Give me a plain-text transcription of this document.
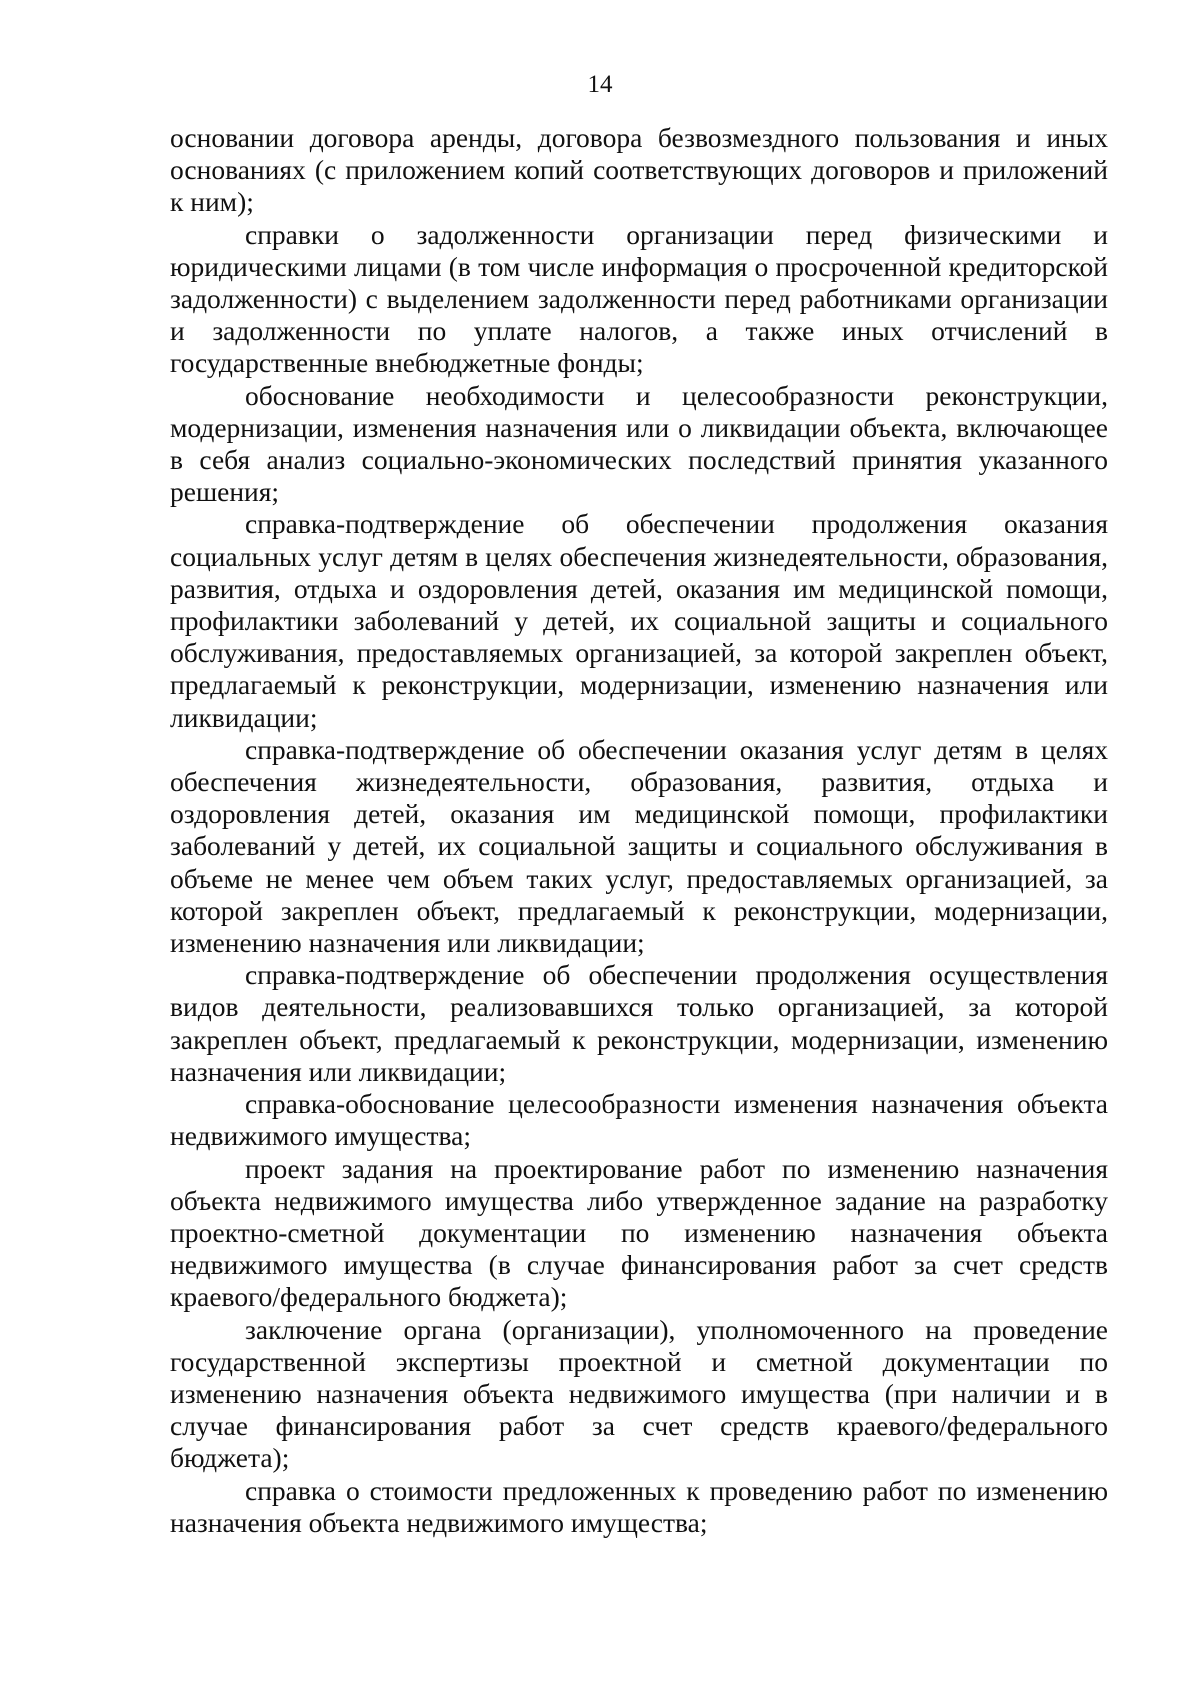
14

основании договора аренды, договора безвозмездного пользования и иных основаниях (с приложением копий соответствующих договоров и приложений к ним);

справки о задолженности организации перед физическими и юридическими лицами (в том числе информация о просроченной кредиторской задолженности) с выделением задолженности перед работниками организации и задолженности по уплате налогов, а также иных отчислений в государственные внебюджетные фонды;

обоснование необходимости и целесообразности реконструкции, модернизации, изменения назначения или о ликвидации объекта, включающее в себя анализ социально-экономических последствий принятия указанного решения;

справка-подтверждение об обеспечении продолжения оказания социальных услуг детям в целях обеспечения жизнедеятельности, образования, развития, отдыха и оздоровления детей, оказания им медицинской помощи, профилактики заболеваний у детей, их социальной защиты и социального обслуживания, предоставляемых организацией, за которой закреплен объект, предлагаемый к реконструкции, модернизации, изменению назначения или ликвидации;

справка-подтверждение об обеспечении оказания услуг детям в целях обеспечения жизнедеятельности, образования, развития, отдыха и оздоровления детей, оказания им медицинской помощи, профилактики заболеваний у детей, их социальной защиты и социального обслуживания в объеме не менее чем объем таких услуг, предоставляемых организацией, за которой закреплен объект, предлагаемый к реконструкции, модернизации, изменению назначения или ликвидации;

справка-подтверждение об обеспечении продолжения осуществления видов деятельности, реализовавшихся только организацией, за которой закреплен объект, предлагаемый к реконструкции, модернизации, изменению назначения или ликвидации;

справка-обоснование целесообразности изменения назначения объекта недвижимого имущества;

проект задания на проектирование работ по изменению назначения объекта недвижимого имущества либо утвержденное задание на разработку проектно-сметной документации по изменению назначения объекта недвижимого имущества (в случае финансирования работ за счет средств краевого/федерального бюджета);

заключение органа (организации), уполномоченного на проведение государственной экспертизы проектной и сметной документации по изменению назначения объекта недвижимого имущества (при наличии и в случае финансирования работ за счет средств краевого/федерального бюджета);

справка о стоимости предложенных к проведению работ по изменению назначения объекта недвижимого имущества;
